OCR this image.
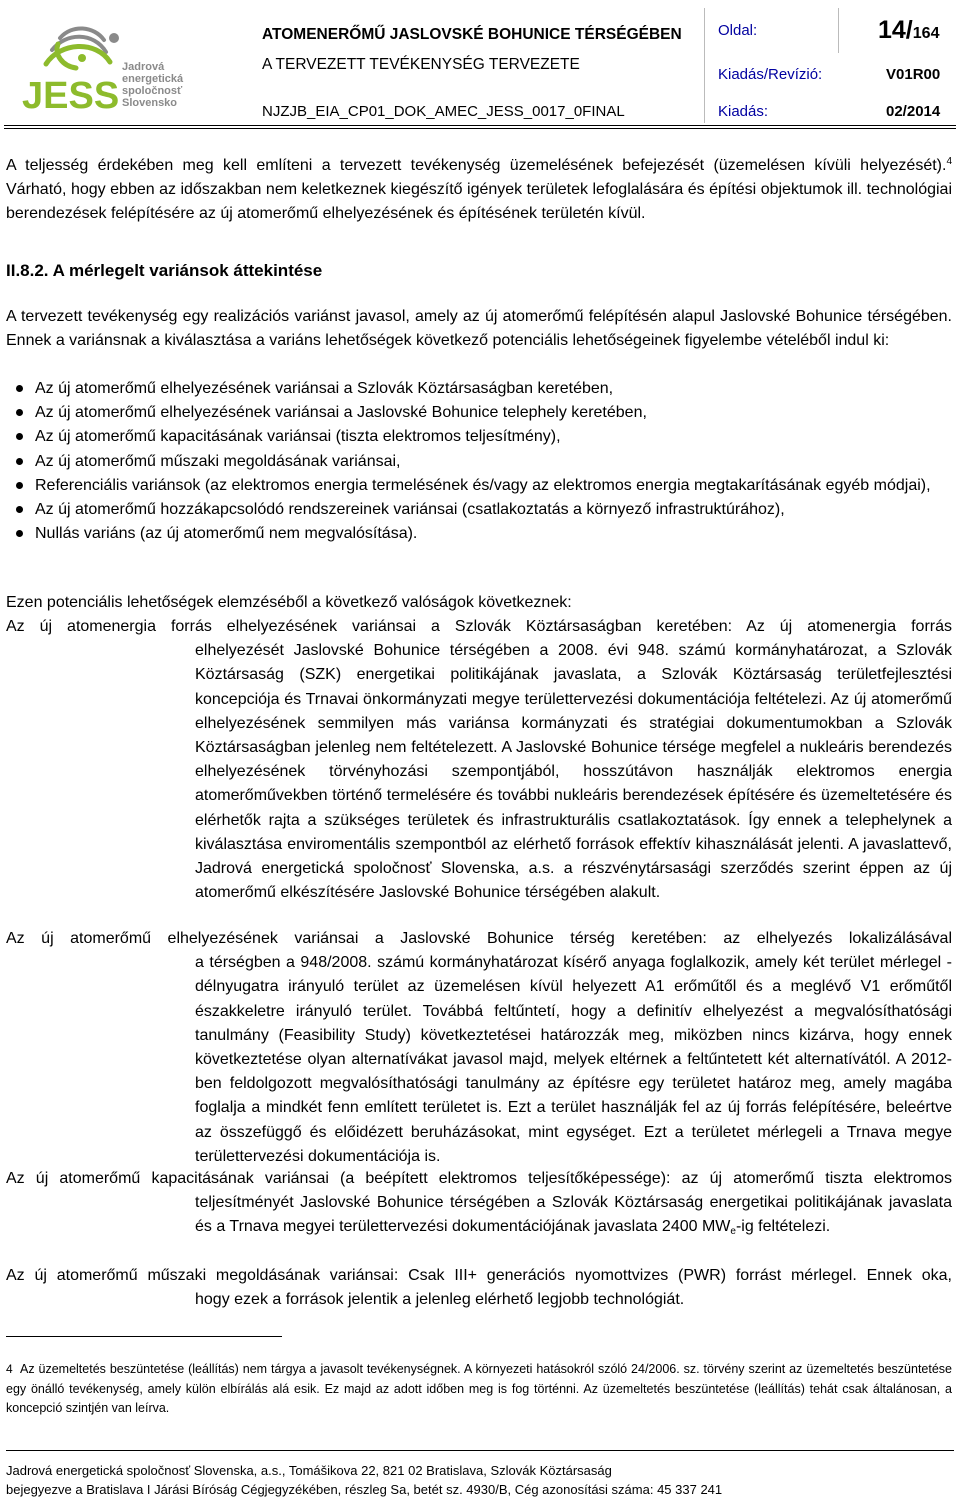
JESS
Jadrová
energetická
spoločnosť
Slovensko
ATOMENERŐMŰ JASLOVSKÉ BOHUNICE TÉRSÉGÉBEN
A TERVEZETT TEVÉKENYSÉG TERVEZETE
NJZJB_EIA_CP01_DOK_AMEC_JESS_0017_0FINAL
Oldal:	14/164
Kiadás/Revízió:	V01R00
Kiadás:	02/2014
A teljesség érdekében meg kell említeni a tervezett tevékenység üzemelésének befejezését (üzemelésen kívüli helyezését).$^4$ Várható, hogy ebben az időszakban nem keletkeznek kiegészítő igények területek lefoglalására és építési objektumok ill. technológiai berendezések felépítésére az új atomerőmű elhelyezésének és építésének területén kívül.
II.8.2. A mérlegelt variánsok áttekintése
A tervezett tevékenység egy realizációs variánst javasol, amely az új atomerőmű felépítésén alapul Jaslovské Bohunice térségében. Ennek a variánsnak a kiválasztása a variáns lehetőségek következő potenciális lehetőségeinek figyelembe vételéből indul ki:
Az új atomerőmű elhelyezésének variánsai a Szlovák Köztársaságban keretében,
Az új atomerőmű elhelyezésének variánsai a Jaslovské Bohunice telephely keretében,
Az új atomerőmű kapacitásának variánsai (tiszta elektromos teljesítmény),
Az új atomerőmű műszaki megoldásának variánsai,
Referenciális variánsok (az elektromos energia termelésének és/vagy az elektromos energia megtakarításának egyéb módjai),
Az új atomerőmű hozzákapcsolódó rendszereinek variánsai (csatlakoztatás a környező infrastruktúrához),
Nullás variáns (az új atomerőmű nem megvalósítása).
Ezen potenciális lehetőségek elemzéséből a következő valóságok következnek:
Az új atomenergia forrás elhelyezésének variánsai a Szlovák Köztársaságban keretében: Az új atomenergia forrás
elhelyezését Jaslovské Bohunice térségében a 2008. évi 948. számú kormányhatározat, a Szlovák Köztársaság (SZK) energetikai politikájának javaslata, a Szlovák Köztársaság területfejlesztési koncepciója és Trnavai önkormányzati megye területtervezési dokumentációja feltételezi. Az új atomerőmű elhelyezésének semmilyen más variánsa kormányzati és stratégiai dokumentumokban a Szlovák Köztársaságban jelenleg nem feltételezett. A Jaslovské Bohunice térsége megfelel a nukleáris berendezés elhelyezésének törvényhozási szempontjából, hosszútávon használják elektromos energia atomerőművekben történő termelésére és további nukleáris berendezések építésére és üzemeltetésére és elérhetők rajta a szükséges területek és infrastrukturális csatlakoztatások. Így ennek a telephelynek a kiválasztása enviromentális szempontból az elérhető források effektív kihasználását jelenti. A javaslattevő, Jadrová energetická spoločnosť Slovenska, a.s. a részvénytársasági szerződés szerint éppen az új atomerőmű elkészítésére Jaslovské Bohunice térségében alakult.
Az új atomerőmű elhelyezésének variánsai a Jaslovské Bohunice térség keretében: az elhelyezés lokalizálásával
a térségben a 948/2008. számú kormányhatározat kísérő anyaga foglalkozik, amely két terület mérlegel - délnyugatra irányuló terület az üzemelésen kívül helyezett A1 erőműtől és a meglévő V1 erőműtől északkeletre irányuló terület. Továbbá feltűntetí, hogy a definitív elhelyezést a megvalósíthatósági tanulmány (Feasibility Study) következtetései határozzák meg, miközben nincs kizárva, hogy ennek következtetése olyan alternatívákat javasol majd, melyek eltérnek a feltűntetett két alternatívától. A 2012-ben feldolgozott megvalósíthatósági tanulmány az építésre egy területet határoz meg, amely magába foglalja a mindkét fenn említett területet is. Ezt a terület használják fel az új forrás felépítésére, beleértve az összefüggő és előidézett beruházásokat, mint egységet. Ezt a területet mérlegeli a Trnava megye területtervezési dokumentációja is.
Az új atomerőmű kapacitásának variánsai (a beépített elektromos teljesítőképessége): az új atomerőmű tiszta elektromos
teljesítményét Jaslovské Bohunice térségében a Szlovák Köztársaság energetikai politikájának javaslata és a Trnava megyei területtervezési dokumentációjának javaslata 2400 $MW_e-ig$ feltételezi.
Az új atomerőmű műszaki megoldásának variánsai: Csak III+ generációs nyomottvizes (PWR) forrást mérlegel. Ennek oka,
hogy ezek a források jelentik a jelenleg elérhető legjobb technológiát.
4 Az üzemeltetés beszüntetése (leállítás) nem tárgya a javasolt tevékenységnek. A környezeti hatásokról szóló 24/2006. sz. törvény szerint az üzemeltetés beszüntetése egy önálló tevékenység, amely külön elbírálás alá esik. Ez majd az adott időben meg is fog történni. Az üzemeltetés beszüntetése (leállítás) tehát csak általánosan, a koncepció szintjén van leírva.
Jadrová energetická spoločnosť Slovenska, a.s., Tomášikova 22, 821 02 Bratislava, Szlovák Köztársaság
bejegyezve a Bratislava I Járási Bíróság Cégjegyzékében, részleg Sa, betét sz. 4930/B, Cég azonosítási száma: 45 337 241
